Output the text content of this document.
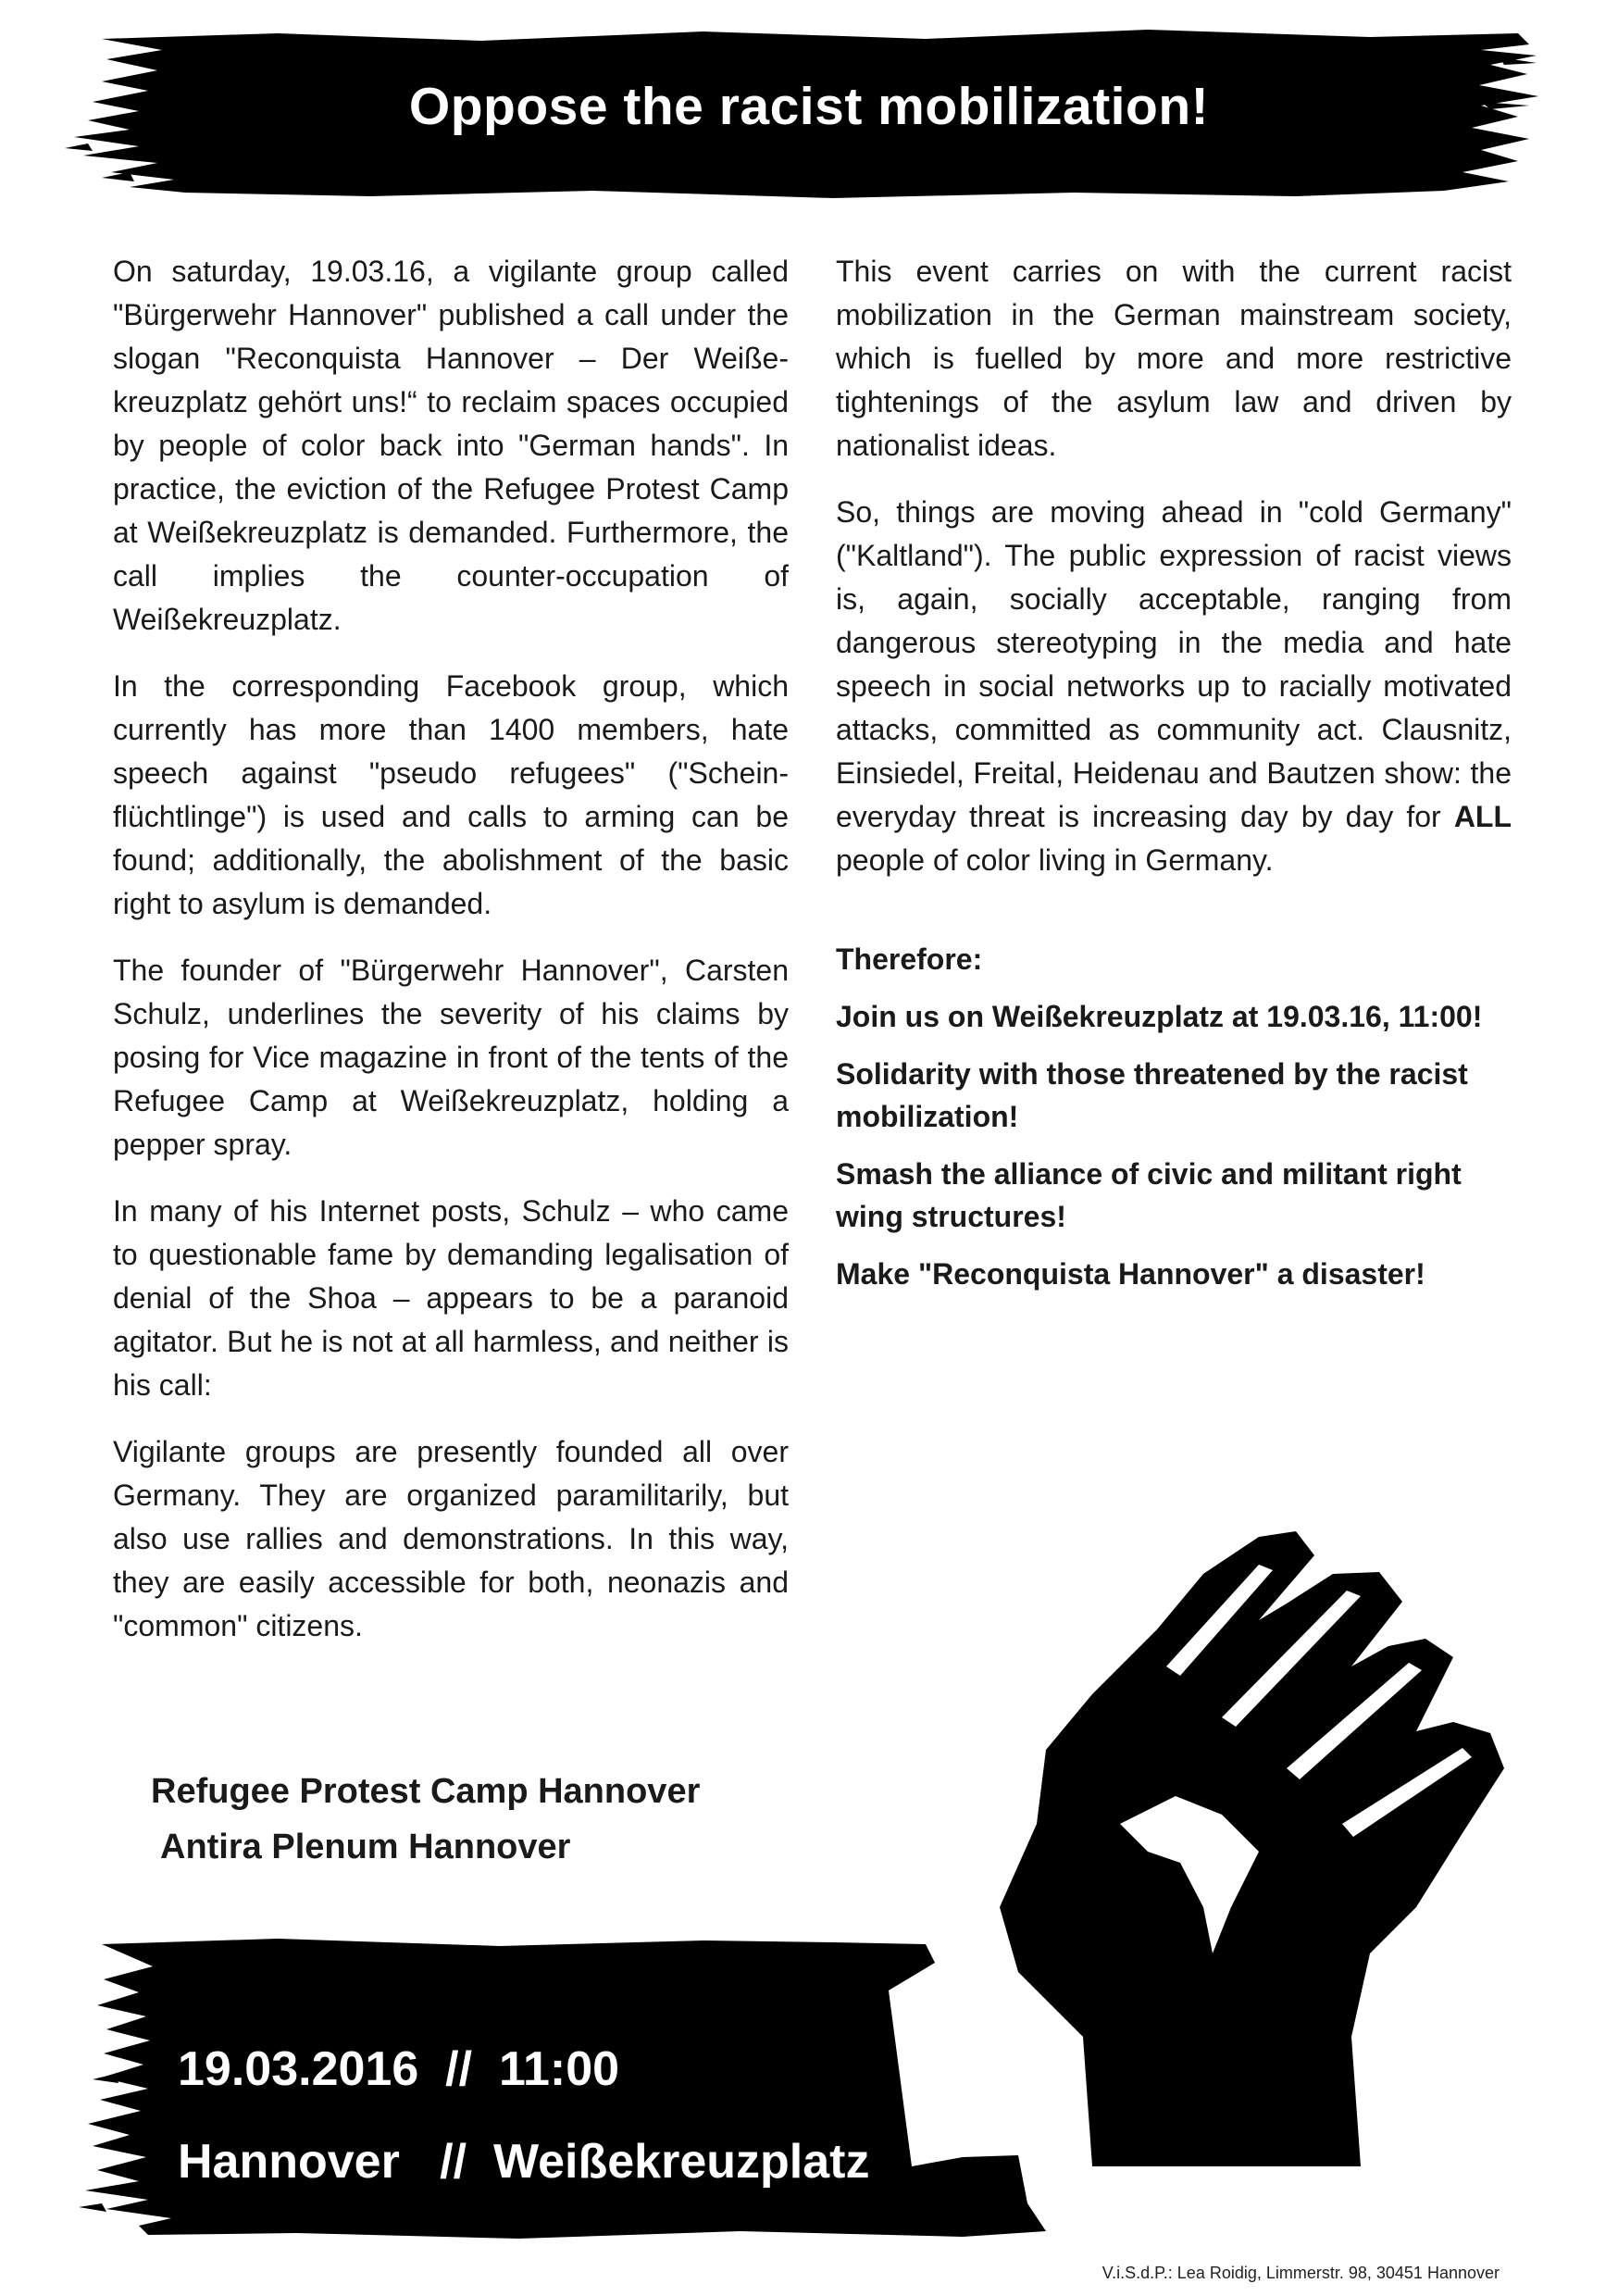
Oppose the racist mobilization!

On saturday, 19.03.16, a vigilante group called "Bürgerwehr Hannover" published a call under the slogan "Reconquista Hannover – Der Weiße-kreuzplatz gehört uns!“ to reclaim spaces occupied by people of color back into "German hands". In practice, the eviction of the Refugee Protest Camp at Weißekreuzplatz is demanded. Furthermore, the call implies the counter-occupation of Weißekreuzplatz.

In the corresponding Facebook group, which currently has more than 1400 members, hate speech against "pseudo refugees" ("Schein-flüchtlinge") is used and calls to arming can be found; additionally, the abolishment of the basic right to asylum is demanded.

The founder of "Bürgerwehr Hannover", Carsten Schulz, underlines the severity of his claims by posing for Vice magazine in front of the tents of the Refugee Camp at Weißekreuzplatz, holding a pepper spray.

In many of his Internet posts, Schulz – who came to questionable fame by demanding legalisation of denial of the Shoa – appears to be a paranoid agitator. But he is not at all harmless, and neither is his call:

Vigilante groups are presently founded all over Germany. They are organized paramilitarily, but also use rallies and demonstrations. In this way, they are easily accessible for both, neonazis and "common" citizens.

This event carries on with the current racist mobilization in the German mainstream society, which is fuelled by more and more restrictive tightenings of the asylum law and driven by nationalist ideas.

So, things are moving ahead in "cold Germany" ("Kaltland"). The public expression of racist views is, again, socially acceptable, ranging from dangerous stereotyping in the media and hate speech in social networks up to racially motivated attacks, committed as community act. Clausnitz, Einsiedel, Freital, Heidenau and Bautzen show: the everyday threat is increasing day by day for ALL people of color living in Germany.

Therefore:

Join us on Weißekreuzplatz at 19.03.16, 11:00!

Solidarity with those threatened by the racist mobilization!

Smash the alliance of civic and militant right wing structures!

Make "Reconquista Hannover" a disaster!

Refugee Protest Camp Hannover
Antira Plenum Hannover
19.03.2016  //  11:00
Hannover   //  Weißekreuzplatz
V.i.S.d.P.: Lea Roidig, Limmerstr. 98, 30451 Hannover
